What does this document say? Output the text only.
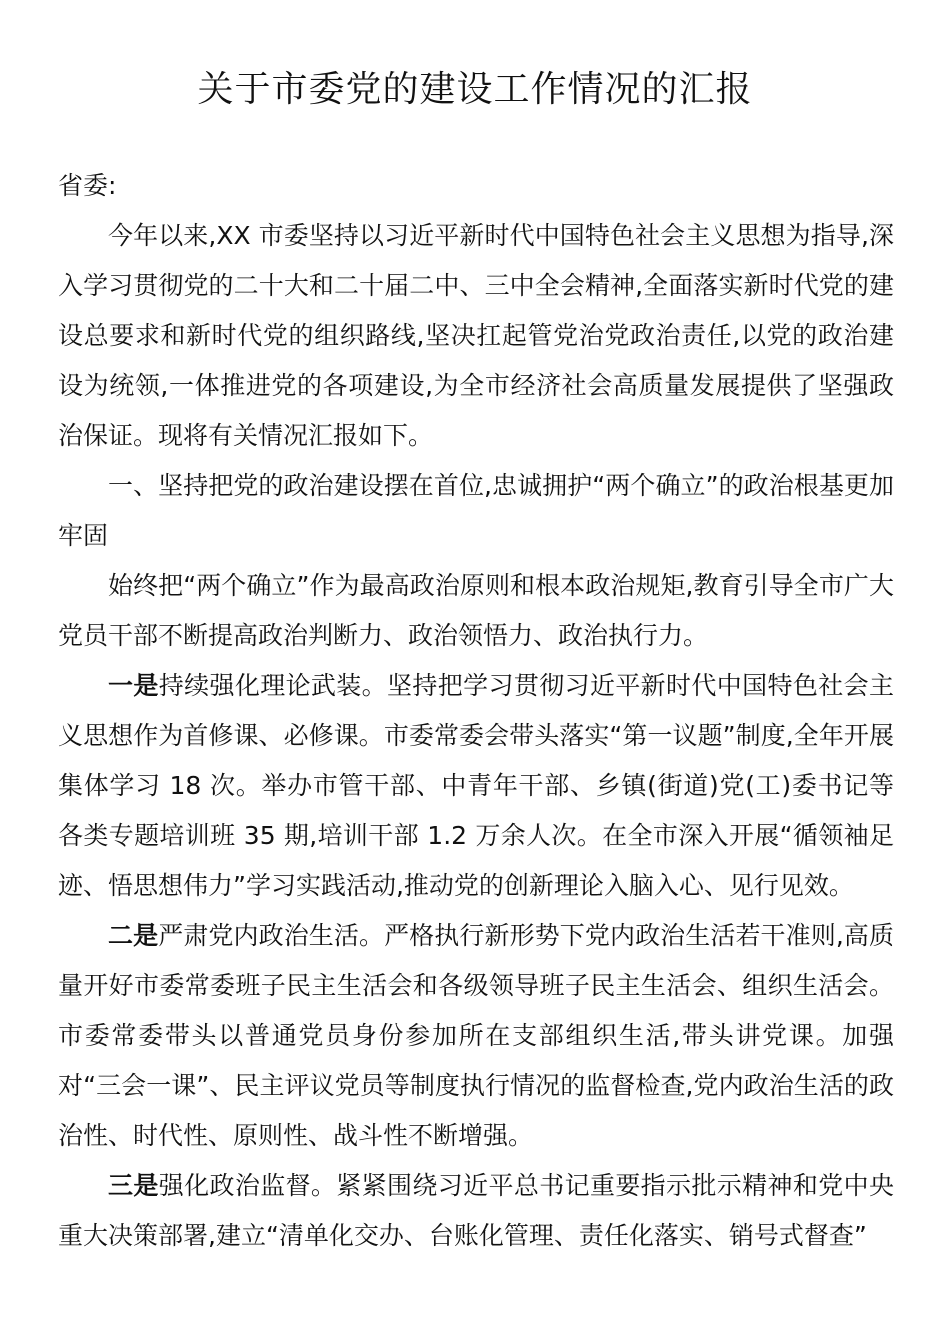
关于市委党的建设工作情况的汇报

省委:

今年以来,XX 市委坚持以习近平新时代中国特色社会主义思想为指导,深入学习贯彻党的二十大和二十届二中、三中全会精神,全面落实新时代党的建设总要求和新时代党的组织路线,坚决扛起管党治党政治责任,以党的政治建设为统领,一体推进党的各项建设,为全市经济社会高质量发展提供了坚强政治保证。现将有关情况汇报如下。

一、坚持把党的政治建设摆在首位,忠诚拥护“两个确立”的政治根基更加牢固

始终把“两个确立”作为最高政治原则和根本政治规矩,教育引导全市广大党员干部不断提高政治判断力、政治领悟力、政治执行力。

一是持续强化理论武装。坚持把学习贯彻习近平新时代中国特色社会主义思想作为首修课、必修课。市委常委会带头落实“第一议题”制度,全年开展集体学习 18 次。举办市管干部、中青年干部、乡镇(街道)党(工)委书记等各类专题培训班 35 期,培训干部 1.2 万余人次。在全市深入开展“循领袖足迹、悟思想伟力”学习实践活动,推动党的创新理论入脑入心、见行见效。

二是严肃党内政治生活。严格执行新形势下党内政治生活若干准则,高质量开好市委常委班子民主生活会和各级领导班子民主生活会、组织生活会。市委常委带头以普通党员身份参加所在支部组织生活,带头讲党课。加强对“三会一课”、民主评议党员等制度执行情况的监督检查,党内政治生活的政治性、时代性、原则性、战斗性不断增强。

三是强化政治监督。紧紧围绕习近平总书记重要指示批示精神和党中央重大决策部署,建立“清单化交办、台账化管理、责任化落实、销号式督查”
